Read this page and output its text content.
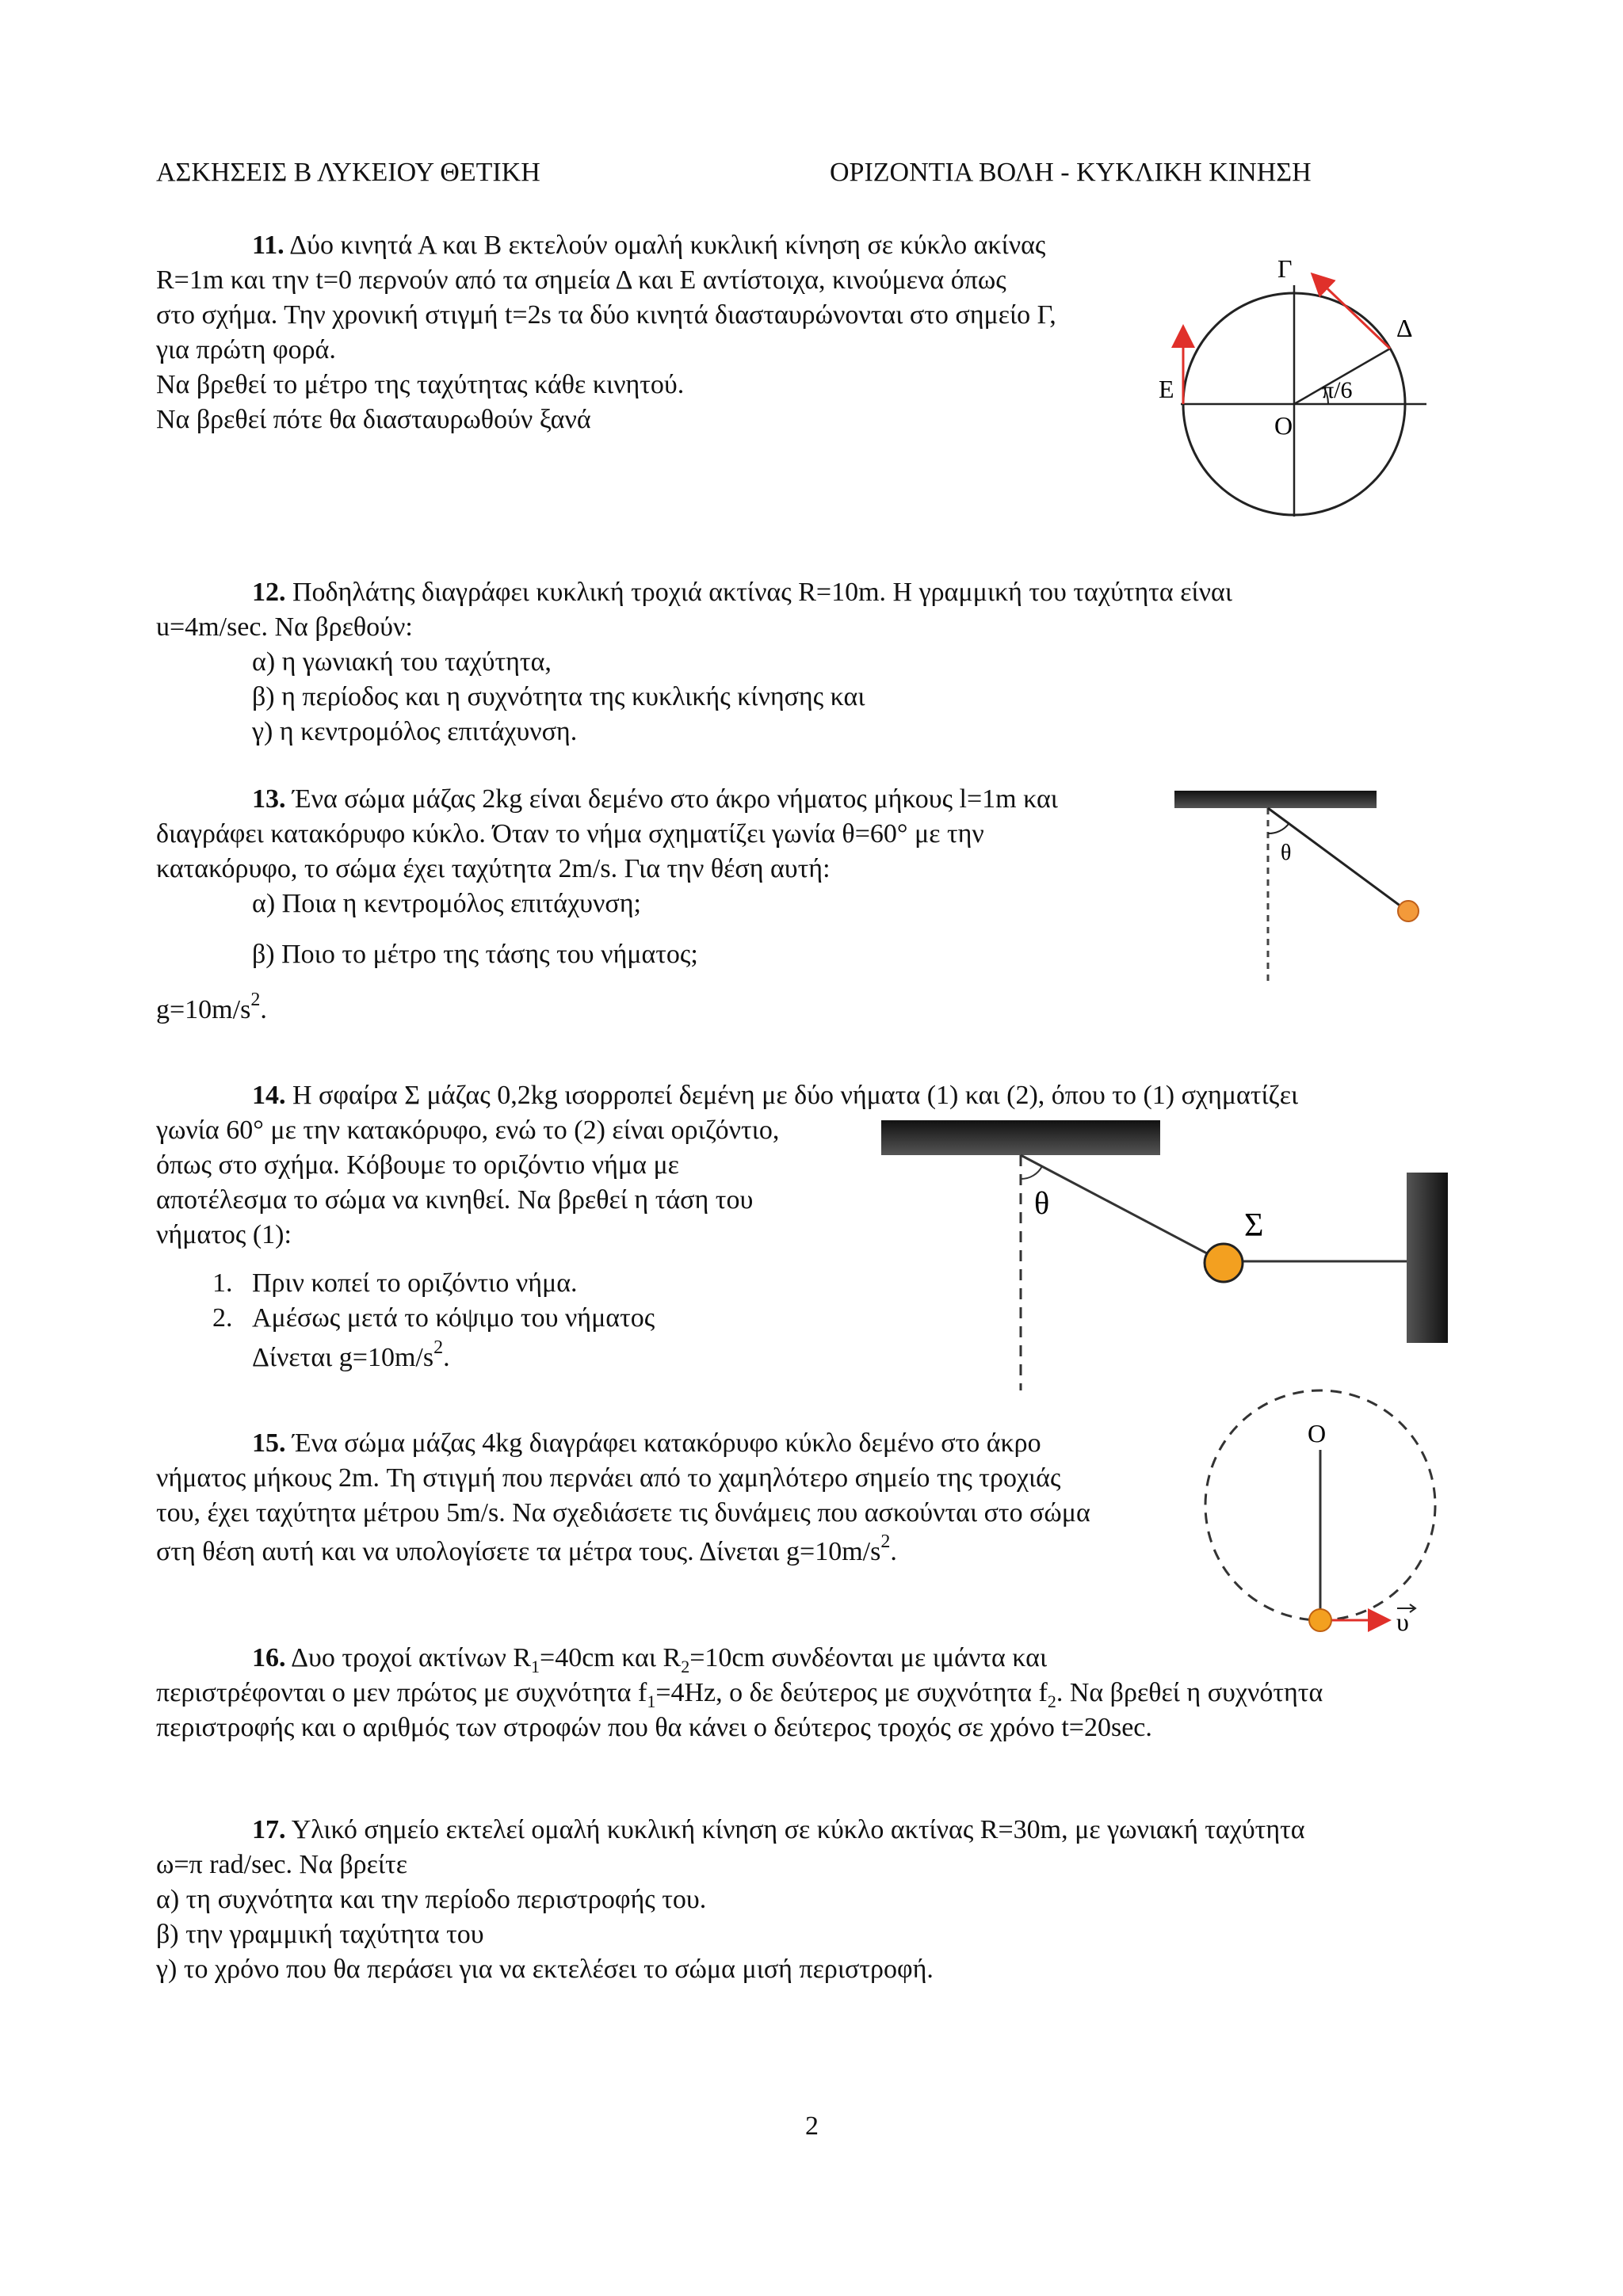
ΑΣΚΗΣΕΙΣ Β ΛΥΚΕΙΟΥ ΘΕΤΙΚΗ	ΟΡΙΖΟΝΤΙΑ ΒΟΛΗ - ΚΥΚΛΙΚΗ ΚΙΝΗΣΗ
11. Δύο κινητά Α και Β εκτελούν ομαλή κυκλική κίνηση σε κύκλο ακίνας
R=1m και την t=0 περνούν από τα σημεία Δ και Ε αντίστοιχα, κινούμενα όπως
στο σχήμα. Την χρονική στιγμή t=2s τα δύο κινητά διασταυρώνονται στο σημείο Γ,
για πρώτη φορά.
Να βρεθεί το μέτρο της ταχύτητας κάθε κινητού.
Να βρεθεί πότε θα διασταυρωθούν ξανά
Γ
Δ
Ε
Ο
π/6
12. Ποδηλάτης διαγράφει κυκλική τροχιά ακτίνας R=10m. Η γραμμική του ταχύτητα είναι
u=4m/sec. Να βρεθούν:
α) η γωνιακή του ταχύτητα,
β) η περίοδος και η συχνότητα της κυκλικής κίνησης και
γ) η κεντρομόλος επιτάχυνση.
13. Ένα σώμα μάζας 2kg είναι δεμένο στο άκρο νήματος μήκους l=1m και
διαγράφει κατακόρυφο κύκλο. Όταν το νήμα σχηματίζει γωνία θ=60° με την
κατακόρυφο, το σώμα έχει ταχύτητα 2m/s. Για την θέση αυτή:
α) Ποια η κεντρομόλος επιτάχυνση;
β) Ποιο το μέτρο της τάσης του νήματος;
$g=10m/s^2$.
θ
14. Η σφαίρα Σ μάζας 0,2kg ισορροπεί δεμένη με δύο νήματα (1) και (2), όπου το (1) σχηματίζει
γωνία 60° με την κατακόρυφο, ενώ το (2) είναι οριζόντιο,
όπως στο σχήμα. Κόβουμε το οριζόντιο νήμα με
αποτέλεσμα το σώμα να κινηθεί. Να βρεθεί η τάση του
νήματος (1):
1. Πριν κοπεί το οριζόντιο νήμα.
2. Αμέσως μετά το κόψιμο του νήματος
Δίνεται $g=10m/s^2$.
θ
Σ
15. Ένα σώμα μάζας 4kg διαγράφει κατακόρυφο κύκλο δεμένο στο άκρο
νήματος μήκους 2m. Τη στιγμή που περνάει από το χαμηλότερο σημείο της τροχιάς
του, έχει ταχύτητα μέτρου 5m/s. Να σχεδιάσετε τις δυνάμεις που ασκούνται στο σώμα
στη θέση αυτή και να υπολογίσετε τα μέτρα τους. Δίνεται $g=10m/s^2$.
Ο
υ
16. Δυο τροχοί ακτίνων $R_1=40cm$ και $R_2=10cm$ συνδέονται με ιμάντα και
περιστρέφονται ο μεν πρώτος με συχνότητα $f_1=4Hz$, ο δε δεύτερος με συχνότητα $f_2$. Να βρεθεί η συχνότητα
περιστροφής και ο αριθμός των στροφών που θα κάνει ο δεύτερος τροχός σε χρόνο t=20sec.
17. Υλικό σημείο εκτελεί ομαλή κυκλική κίνηση σε κύκλο ακτίνας R=30m, με γωνιακή ταχύτητα
ω=π rad/sec. Να βρείτε
α) τη συχνότητα και την περίοδο περιστροφής του.
β) την γραμμική ταχύτητα του
γ) το χρόνο που θα περάσει για να εκτελέσει το σώμα μισή περιστροφή.
2
